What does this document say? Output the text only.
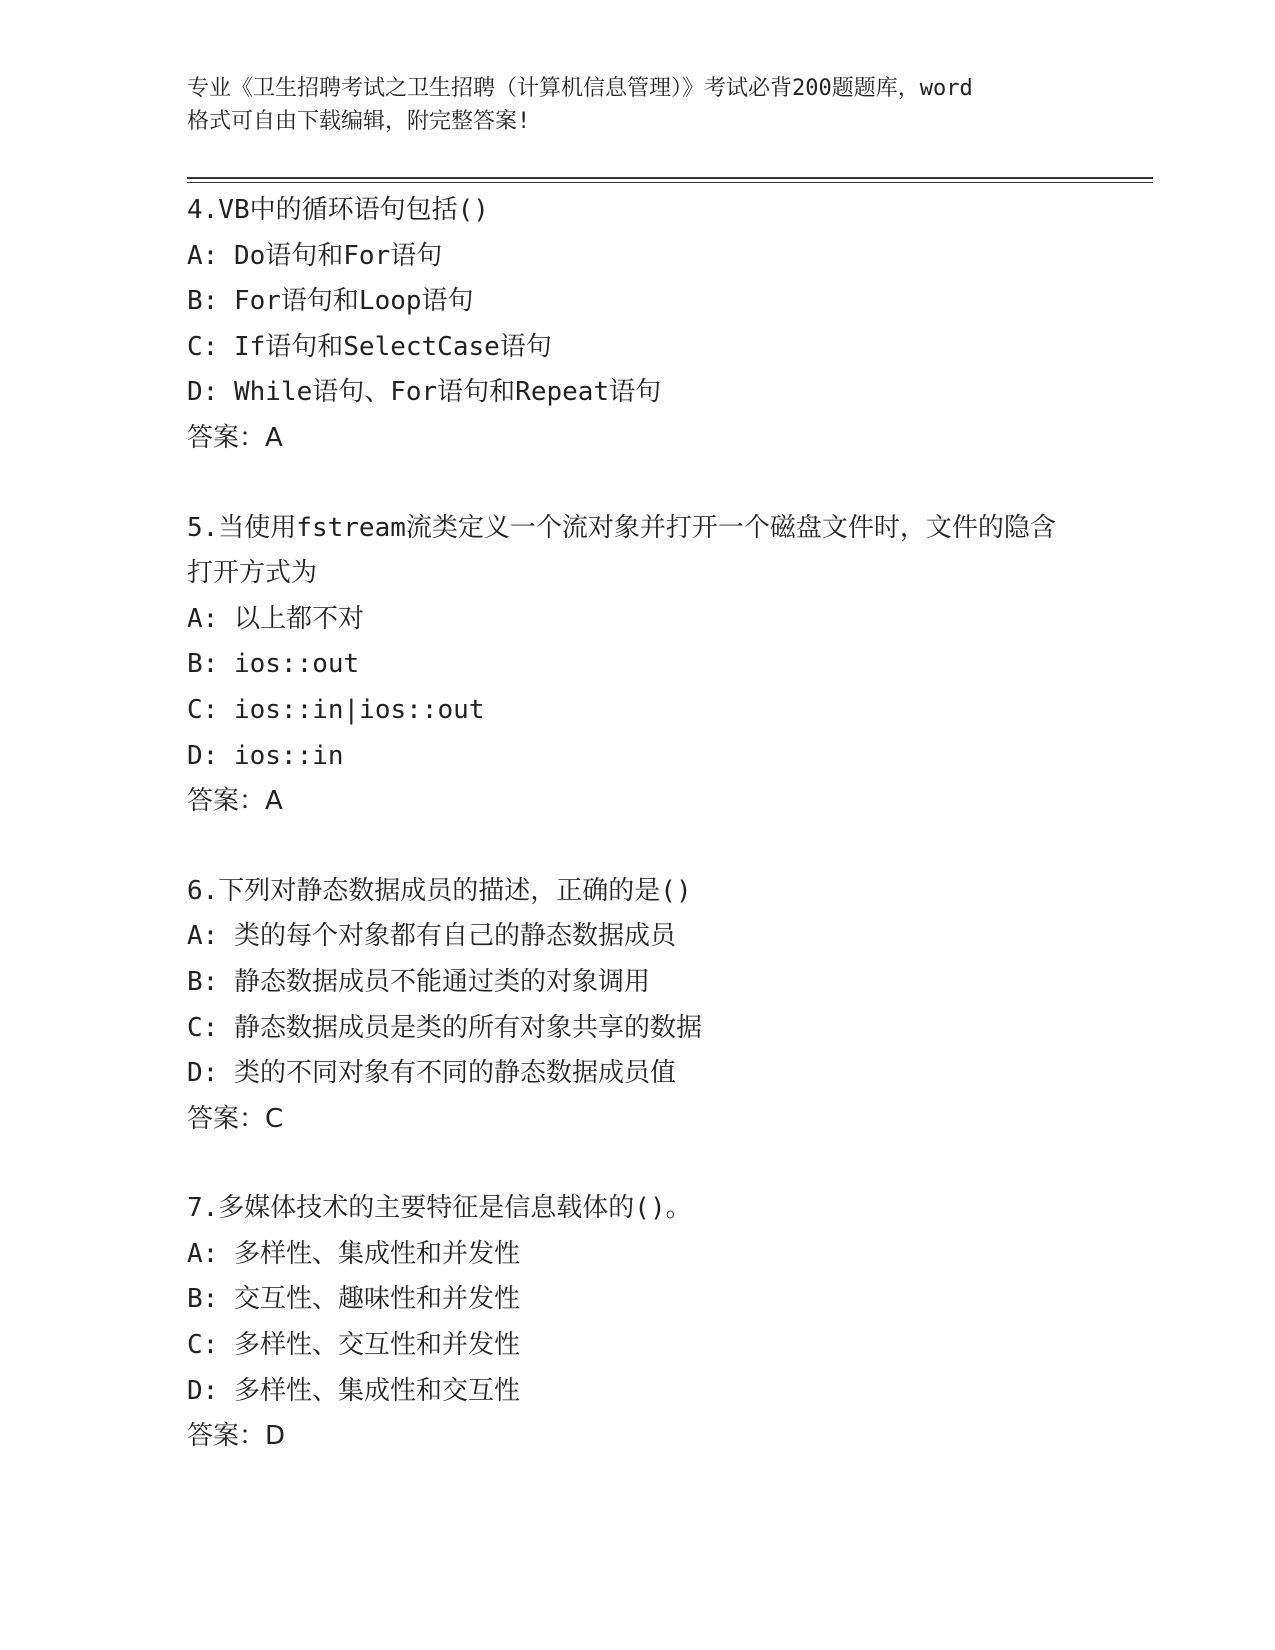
专业《卫生招聘考试之卫生招聘（计算机信息管理）》考试必背200题题库，word
格式可自由下载编辑，附完整答案!
4.VB中的循环语句包括()
A: Do语句和For语句
B: For语句和Loop语句
C: If语句和SelectCase语句
D: While语句、For语句和Repeat语句
答案：A
5.当使用fstream流类定义一个流对象并打开一个磁盘文件时，文件的隐含打开方式为
A: 以上都不对
B: ios::out
C: ios::in|ios::out
D: ios::in
答案：A
6.下列对静态数据成员的描述，正确的是()
A: 类的每个对象都有自己的静态数据成员
B: 静态数据成员不能通过类的对象调用
C: 静态数据成员是类的所有对象共享的数据
D: 类的不同对象有不同的静态数据成员值
答案：C
7.多媒体技术的主要特征是信息载体的()。
A: 多样性、集成性和并发性
B: 交互性、趣味性和并发性
C: 多样性、交互性和并发性
D: 多样性、集成性和交互性
答案：D
